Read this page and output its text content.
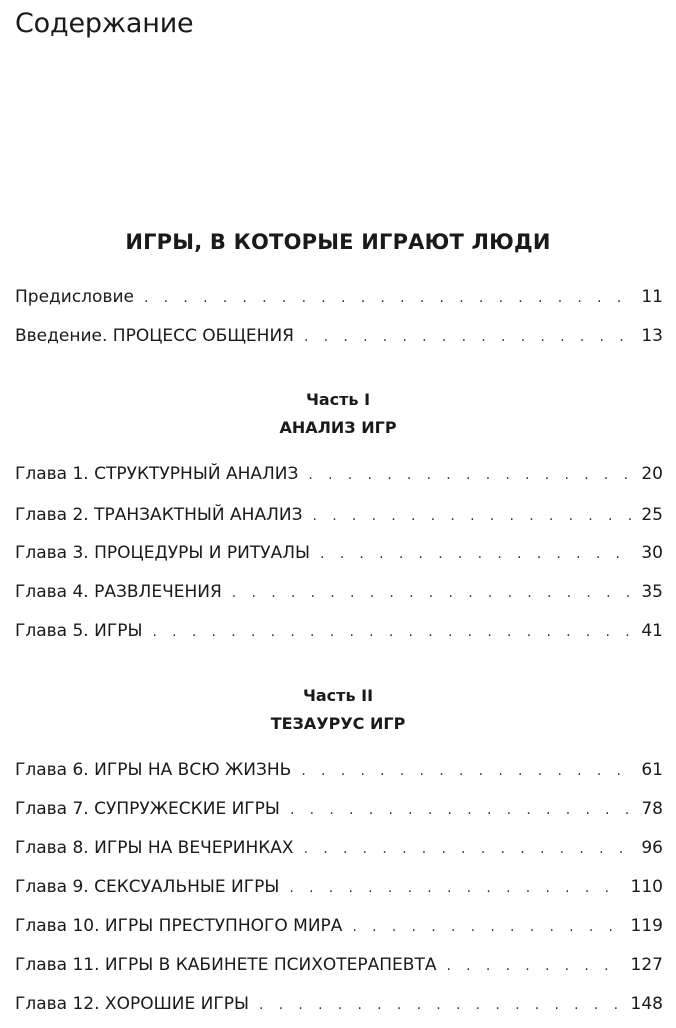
Содержание
ИГРЫ, В КОТОРЫЕ ИГРАЮТ ЛЮДИ
Предисловие . . .	11
Введение. ПРОЦЕСС ОБЩЕНИЯ . . .	13
Часть I
АНАЛИЗ ИГР
Глава 1. СТРУКТУРНЫЙ АНАЛИЗ . . .	20
Глава 2. ТРАНЗАКТНЫЙ АНАЛИЗ . . .	25
Глава 3. ПРОЦЕДУРЫ И РИТУАЛЫ . . .	30
Глава 4. РАЗВЛЕЧЕНИЯ . . .	35
Глава 5. ИГРЫ . . .	41
Часть II
ТЕЗАУРУС ИГР
Глава 6. ИГРЫ НА ВСЮ ЖИЗНЬ . . .	61
Глава 7. СУПРУЖЕСКИЕ ИГРЫ . . .	78
Глава 8. ИГРЫ НА ВЕЧЕРИНКАХ . . .	96
Глава 9. СЕКСУАЛЬНЫЕ ИГРЫ . . .	110
Глава 10. ИГРЫ ПРЕСТУПНОГО МИРА . . .	119
Глава 11. ИГРЫ В КАБИНЕТЕ ПСИХОТЕРАПЕВТА . . .	127
Глава 12. ХОРОШИЕ ИГРЫ . . .	148
